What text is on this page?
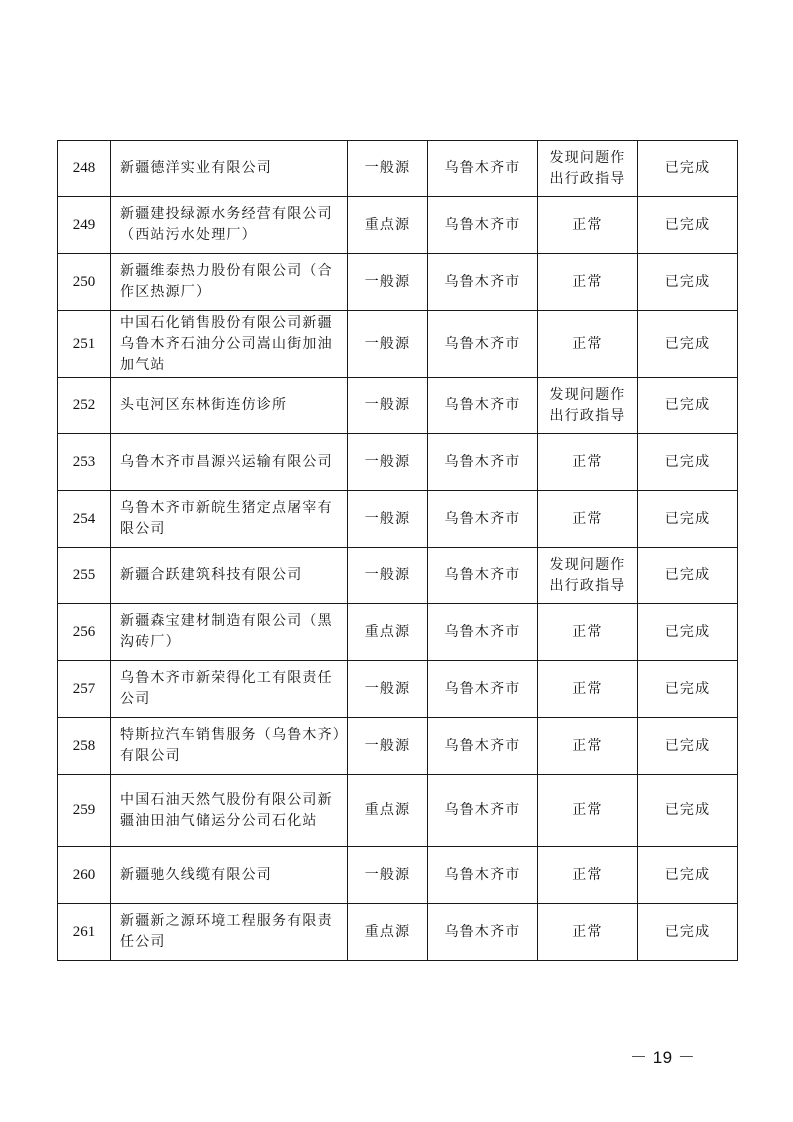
248	新疆德洋实业有限公司	一般源	乌鲁木齐市	发现问题作出行政指导	已完成
249	新疆建投绿源水务经营有限公司（西站污水处理厂）	重点源	乌鲁木齐市	正常	已完成
250	新疆维泰热力股份有限公司（合作区热源厂）	一般源	乌鲁木齐市	正常	已完成
251	中国石化销售股份有限公司新疆乌鲁木齐石油分公司嵩山街加油加气站	一般源	乌鲁木齐市	正常	已完成
252	头屯河区东林街连仿诊所	一般源	乌鲁木齐市	发现问题作出行政指导	已完成
253	乌鲁木齐市昌源兴运输有限公司	一般源	乌鲁木齐市	正常	已完成
254	乌鲁木齐市新皖生猪定点屠宰有限公司	一般源	乌鲁木齐市	正常	已完成
255	新疆合跃建筑科技有限公司	一般源	乌鲁木齐市	发现问题作出行政指导	已完成
256	新疆森宝建材制造有限公司（黑沟砖厂）	重点源	乌鲁木齐市	正常	已完成
257	乌鲁木齐市新荣得化工有限责任公司	一般源	乌鲁木齐市	正常	已完成
258	特斯拉汽车销售服务（乌鲁木齐）有限公司	一般源	乌鲁木齐市	正常	已完成
259	中国石油天然气股份有限公司新疆油田油气储运分公司石化站	重点源	乌鲁木齐市	正常	已完成
260	新疆驰久线缆有限公司	一般源	乌鲁木齐市	正常	已完成
261	新疆新之源环境工程服务有限责任公司	重点源	乌鲁木齐市	正常	已完成
－ 19 －
